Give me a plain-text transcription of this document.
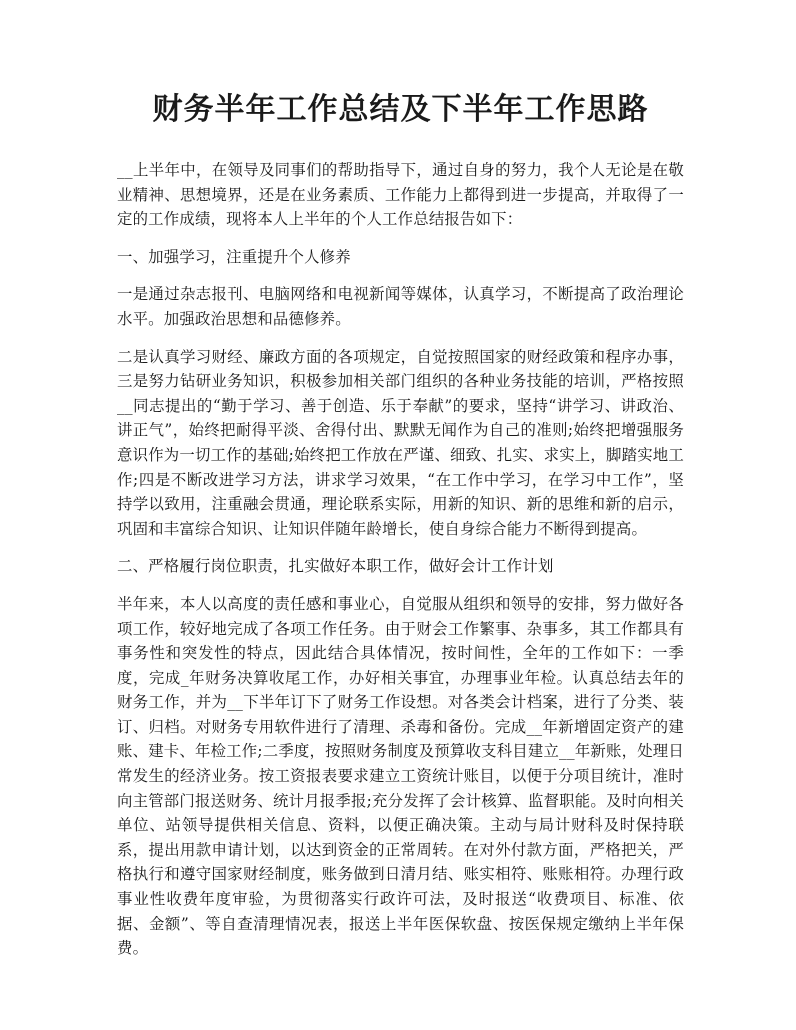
财务半年工作总结及下半年工作思路

__上半年中，在领导及同事们的帮助指导下，通过自身的努力，我个人无论是在敬业精神、思想境界，还是在业务素质、工作能力上都得到进一步提高，并取得了一定的工作成绩，现将本人上半年的个人工作总结报告如下：

一、加强学习，注重提升个人修养

一是通过杂志报刊、电脑网络和电视新闻等媒体，认真学习，不断提高了政治理论水平。加强政治思想和品德修养。

二是认真学习财经、廉政方面的各项规定，自觉按照国家的财经政策和程序办事，三是努力钻研业务知识，积极参加相关部门组织的各种业务技能的培训，严格按照__同志提出的“勤于学习、善于创造、乐于奉献”的要求，坚持“讲学习、讲政治、讲正气”，始终把耐得平淡、舍得付出、默默无闻作为自己的准则;始终把增强服务意识作为一切工作的基础;始终把工作放在严谨、细致、扎实、求实上，脚踏实地工作;四是不断改进学习方法，讲求学习效果，“在工作中学习，在学习中工作”，坚持学以致用，注重融会贯通，理论联系实际，用新的知识、新的思维和新的启示，巩固和丰富综合知识、让知识伴随年龄增长，使自身综合能力不断得到提高。

二、严格履行岗位职责，扎实做好本职工作，做好会计工作计划

半年来，本人以高度的责任感和事业心，自觉服从组织和领导的安排，努力做好各项工作，较好地完成了各项工作任务。由于财会工作繁事、杂事多，其工作都具有事务性和突发性的特点，因此结合具体情况，按时间性，全年的工作如下：一季度，完成_年财务决算收尾工作，办好相关事宜，办理事业年检。认真总结去年的财务工作，并为__下半年订下了财务工作设想。对各类会计档案，进行了分类、装订、归档。对财务专用软件进行了清理、杀毒和备份。完成__年新增固定资产的建账、建卡、年检工作;二季度，按照财务制度及预算收支科目建立__年新账，处理日常发生的经济业务。按工资报表要求建立工资统计账目，以便于分项目统计，准时向主管部门报送财务、统计月报季报;充分发挥了会计核算、监督职能。及时向相关单位、站领导提供相关信息、资料，以便正确决策。主动与局计财科及时保持联系，提出用款申请计划，以达到资金的正常周转。在对外付款方面，严格把关，严格执行和遵守国家财经制度，账务做到日清月结、账实相符、账账相符。办理行政事业性收费年度审验，为贯彻落实行政许可法，及时报送“收费项目、标准、依据、金额”、等自查清理情况表，报送上半年医保软盘、按医保规定缴纳上半年保费。
